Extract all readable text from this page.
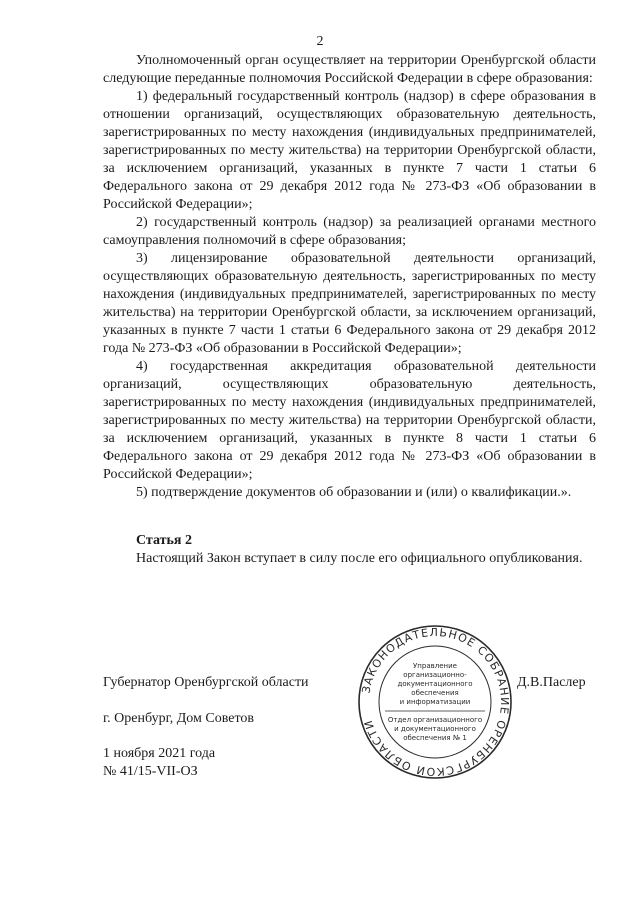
2

Уполномоченный орган осуществляет на территории Оренбургской области следующие переданные полномочия Российской Федерации в сфере образования:

1) федеральный государственный контроль (надзор) в сфере образования в отношении организаций, осуществляющих образовательную деятельность, зарегистрированных по месту нахождения (индивидуальных предпринимателей, зарегистрированных по месту жительства) на территории Оренбургской области, за исключением организаций, указанных в пункте 7 части 1 статьи 6 Федерального закона от 29 декабря 2012 года № 273-ФЗ «Об образовании в Российской Федерации»;

2) государственный контроль (надзор) за реализацией органами местного самоуправления полномочий в сфере образования;

3) лицензирование образовательной деятельности организаций, осуществляющих образовательную деятельность, зарегистрированных по месту нахождения (индивидуальных предпринимателей, зарегистрированных по месту жительства) на территории Оренбургской области, за исключением организаций, указанных в пункте 7 части 1 статьи 6 Федерального закона от 29 декабря 2012 года № 273-ФЗ «Об образовании в Российской Федерации»;

4) государственная аккредитация образовательной деятельности организаций, осуществляющих образовательную деятельность, зарегистрированных по месту нахождения (индивидуальных предпринимателей, зарегистрированных по месту жительства) на территории Оренбургской области, за исключением организаций, указанных в пункте 8 части 1 статьи 6 Федерального закона от 29 декабря 2012 года № 273-ФЗ «Об образовании в Российской Федерации»;

5) подтверждение документов об образовании и (или) о квалификации.».

Статья 2

Настоящий Закон вступает в силу после его официального опубликования.

Губернатор Оренбургской области	Д.В.Паслер
г. Оренбург, Дом Советов
1 ноября 2021 года
№ 41/15-VII-ОЗ
ЗАКОНОДАТЕЛЬНОЕ СОБРАНИЕ ОРЕНБУРГСКОЙ ОБЛАСТИ
Управление
организационно-
документационного
обеспечения
и информатизации
Отдел организационного
и документационного
обеспечения № 1
